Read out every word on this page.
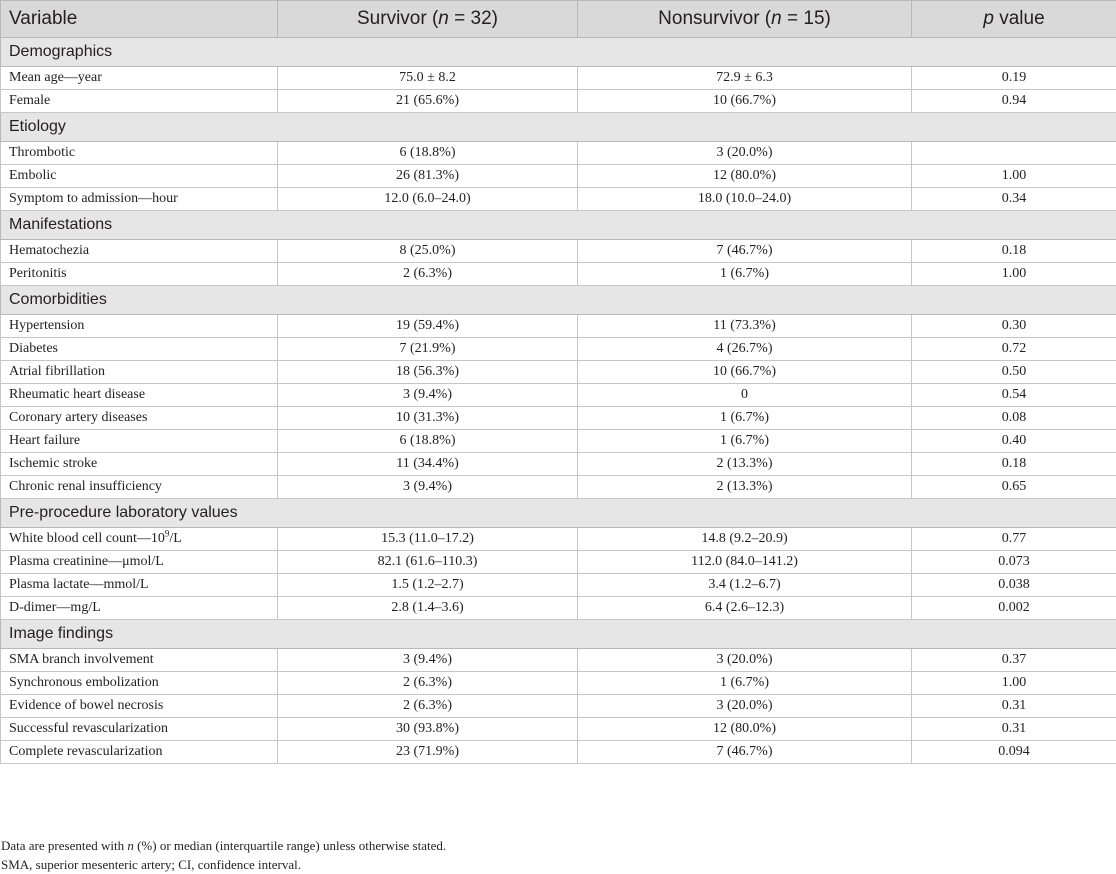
Variable	Survivor (n = 32)	Nonsurvivor (n = 15)	p value
Demographics			
Mean age—year	75.0 ± 8.2	72.9 ± 6.3	0.19
Female	21 (65.6%)	10 (66.7%)	0.94
Etiology			
Thrombotic	6 (18.8%)	3 (20.0%)	
Embolic	26 (81.3%)	12 (80.0%)	1.00
Symptom to admission—hour	12.0 (6.0–24.0)	18.0 (10.0–24.0)	0.34
Manifestations			
Hematochezia	8 (25.0%)	7 (46.7%)	0.18
Peritonitis	2 (6.3%)	1 (6.7%)	1.00
Comorbidities			
Hypertension	19 (59.4%)	11 (73.3%)	0.30
Diabetes	7 (21.9%)	4 (26.7%)	0.72
Atrial fibrillation	18 (56.3%)	10 (66.7%)	0.50
Rheumatic heart disease	3 (9.4%)	0	0.54
Coronary artery diseases	10 (31.3%)	1 (6.7%)	0.08
Heart failure	6 (18.8%)	1 (6.7%)	0.40
Ischemic stroke	11 (34.4%)	2 (13.3%)	0.18
Chronic renal insufficiency	3 (9.4%)	2 (13.3%)	0.65
Pre-procedure laboratory values			
White blood cell $count—10^9/L$	15.3 (11.0–17.2)	14.8 (9.2–20.9)	0.77
Plasma creatinine—μmol/L	82.1 (61.6–110.3)	112.0 (84.0–141.2)	0.073
Plasma lactate—mmol/L	1.5 (1.2–2.7)	3.4 (1.2–6.7)	0.038
D-dimer—mg/L	2.8 (1.4–3.6)	6.4 (2.6–12.3)	0.002
Image findings			
SMA branch involvement	3 (9.4%)	3 (20.0%)	0.37
Synchronous embolization	2 (6.3%)	1 (6.7%)	1.00
Evidence of bowel necrosis	2 (6.3%)	3 (20.0%)	0.31
Successful revascularization	30 (93.8%)	12 (80.0%)	0.31
Complete revascularization	23 (71.9%)	7 (46.7%)	0.094
Data are presented with n (%) or median (interquartile range) unless otherwise stated.
SMA, superior mesenteric artery; CI, confidence interval.
